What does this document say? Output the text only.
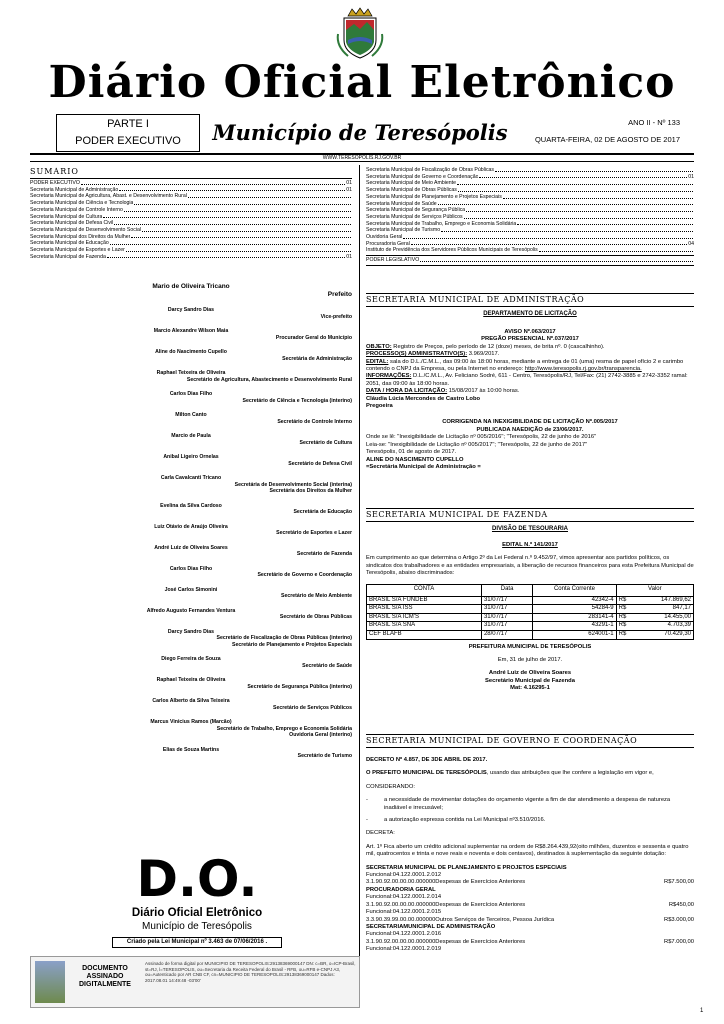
Diário Oficial Eletrônico
PARTE I
PODER EXECUTIVO	Município de Teresópolis	ANO II - Nº 133
QUARTA-FEIRA, 02 DE AGOSTO DE 2017
WWW.TERESOPOLIS.RJ.GOV.BR
SUMÁRIO
PODER EXECUTIVO	01
Secretaria Municipal de Administração	01
Secretaria Municipal de Agricultura, Abast. e Desenvolvimento Rural
Secretaria Municipal de Ciência e Tecnologia
Secretaria Municipal de Controle Interno
Secretaria Municipal de Cultura
Secretaria Municipal de Defesa Civil
Secretaria Municipal de Desenvolvimento Social
Secretaria Municipal dos Direitos da Mulher
Secretaria Municipal de Educação
Secretaria Municipal de Esportes e Lazer
Secretaria Municipal de Fazenda	01
Secretaria Municipal de Fiscalização de Obras Públicas
Secretaria Municipal de Governo e Coordenação	01
Secretaria Municipal de Meio Ambiente
Secretaria Municipal de Obras Públicas
Secretaria Municipal de Planejamento e Projetos Especiais
Secretaria Municipal de Saúde
Secretaria Municipal de Segurança Pública
Secretaria Municipal de Serviços Públicos
Secretaria Municipal de Trabalho, Emprego e Economia Solidária
Secretaria Municipal de Turismo
Ouvidoria Geral
Procuradoria Geral	04
Instituto de Previdência dos Servidores Públicos Municipais de Teresópolis
PODER LEGISLATIVO
Mario de Oliveira Tricano
Prefeito
Darcy Sandro Dias
Vice-prefeito
Marcio Alexandre Wilson Maia
Procurador Geral do Município
Aline do Nascimento Cupello
Secretária de Administração
Raphael Teixeira de Oliveira
Secretário de Agricultura, Abastecimento e Desenvolvimento Rural
Carlos Dias Filho
Secretário de Ciência e Tecnologia (interino)
Milton Canto
Secretário de Controle Interno
Marcio de Paula
Secretário de Cultura
Anibal Ligeiro Ornelas
Secretário de Defesa Civil
Carla Cavalcanti Tricano
Secretária de Desenvolvimento Social (interina)
Secretária dos Direitos da Mulher
Evelina da Silva Cardoso
Secretária de Educação
Luiz Otávio de Araújo Oliveira
Secretário de Esportes e Lazer
André Luiz de Oliveira Soares
Secretário de Fazenda
Carlos Dias Filho
Secretário de Governo e Coordenação
José Carlos Simonini
Secretário de Meio Ambiente
Alfredo Augusto Fernandes Ventura
Secretário de Obras Públicas
Darcy Sandro Dias
Secretário de Fiscalização de Obras Públicas (interino)
Secretário de Planejamento e Projetos Especiais
Diego Ferreira de Souza
Secretário de Saúde
Raphael Teixeira de Oliveira
Secretário de Segurança Pública (interino)
Carlos Alberto da Silva Teixeira
Secretário de Serviços Públicos
Marcus Vinicius Ramos (Marcão)
Secretário de Trabalho, Emprego e Economia Solidária
Ouvidoria Geral (interino)
Elias de Souza Martins
Secretário de Turismo
D.O.
Diário Oficial Eletrônico
Município de Teresópolis
Criado pela Lei Municipal nº 3.463 de 07/06/2016 .
DOCUMENTO ASSINADO DIGITALMENTE
Assinado de forma digital por MUNICIPIO DE TERESOPOLIS:29138369000147 DN: c=BR, o=ICP-Brasil, st=RJ, l=TERESOPOLIS, ou=Secretaria da Receita Federal do Brasil - RFB, ou=RFB e-CNPJ A3, ou=Autenticado por AR CNB CF, cn=MUNICIPIO DE TERESOPOLIS:29138369000147 Dados: 2017.08.01 14:49:48 -03'00'
SECRETARIA MUNICIPAL DE ADMINISTRAÇÃO
DEPARTAMENTO DE LICITAÇÃO
AVISO Nº.063/2017
PREGÃO PRESENCIAL Nº.037/2017
OBJETO: Registro de Preços, pelo período de 12 (doze) meses, de brita nº. 0 (cascalhinho).
PROCESSO(S) ADMINISTRATIVO(S): 3.969/2017.
EDITAL: sala do D.L./C.M.L., das 09:00 às 18:00 horas, mediante a entrega de 01 (uma) resma de papel ofício 2 e carimbo contendo o CNPJ da Empresa, ou pela Internet no endereço: http://www.teresopolis.rj.gov.br/transparencia.
INFORMAÇÕES: D.L./C.M.L., Av. Feliciano Sodré, 611 - Centro, Teresópolis/RJ, Tel/Fax: (21) 2742-3885 e 2742-3352 ramal: 2051, das 09:00 às 18:00 horas.
DATA / HORA DA LICITAÇÃO: 15/08/2017 às 10:00 horas.
Cláudia Lúcia Mercondes de Castro Lobo
Pregoeira
CORRIGENDA NA INEXIGIBILIDADE DE LICITAÇÃO Nº.005/2017
PUBLICADA NAEDIÇÃO de 23/06/2017.
Onde se lê: "Inexigibilidade de Licitação nº 005/2016"; "Teresópolis, 22 de junho de 2016"
Leia-se: "Inexigibilidade de Licitação nº 005/2017"; "Teresópolis, 22 de junho de 2017"
Teresópolis, 01 de agosto de 2017.
ALINE DO NASCIMENTO CUPELLO
=Secretária Municipal de Administração =
SECRETARIA MUNICIPAL DE FAZENDA
DIVISÃO DE TESOURARIA
EDITAL N.º 141/2017
Em cumprimento ao que determina o Artigo 2º da Lei Federal n.º 9.452/97, vimos apresentar aos partidos políticos, os sindicatos dos trabalhadores e as entidades empresariais, a liberação de recursos financeiros para esta Prefeitura Municipal de Teresópolis, abaixo discriminados:
CONTA	Data	Conta Corrente	Valor
BRASIL S/A FUNDEB	31/07/17	42342-4	R$ 147.869,62

BRASIL S/A ISS	31/07/17	54284-9	R$ 847,17

BRASIL S/A ICM'S	31/07/17	283141-4	R$ 14.455,00

BRASIL S/A SNA	31/07/17	43291-1	R$ 4.703,39

CEF BLAFB	28/07/17	624001-1	R$ 70.429,30
PREFEITURA MUNICIPAL DE TERESÓPOLIS
Em, 31 de julho de 2017.
André Luiz de Oliveira Soares
Secretário Municipal de Fazenda
Mat: 4.16295-1
SECRETARIA MUNICIPAL DE GOVERNO E COORDENAÇÃO
DECRETO Nº 4.857, DE 3DE ABRIL DE 2017.
O PREFEITO MUNICIPAL DE TERESÓPOLIS, usando das atribuições que lhe confere a legislação em vigor e,
CONSIDERANDO:
-	a necessidade de movimentar dotações do orçamento vigente a fim de dar atendimento a despesa de natureza inadiável e irrecusável;
-	a autorização expressa contida na Lei Municipal nº3.510/2016.
DECRETA:
Art. 1º Fica aberto um crédito adicional suplementar na ordem de R$8.264.439,92(oito milhões, duzentos e sessenta e quatro mil, quatrocentos e trinta e nove reais e noventa e dois centavos), destinados à suplementação da seguinte dotação:
SECRETARIA MUNICIPAL DE PLANEJAMENTO E PROJETOS ESPECIAIS
Funcional:04.122.0001.2.012
3.1.90.92.00.00.00.000000Despesas de Exercícios Anteriores	R$7.500,00
PROCURADORIA GERAL
Funcional:04.122.0001.2.014
3.1.90.92.00.00.00.000000Despesas de Exercícios Anteriores	R$450,00
Funcional:04.122.0001.2.015
3.3.90.39.99.00.00.000000Outros Serviços de Terceiros, Pessoa Jurídica	R$3.000,00
SECRETARIAMUNICIPAL DE ADMINISTRAÇÃO
Funcional:04.122.0001.2.016
3.1.90.92.00.00.00.000000Despesas de Exercícios Anteriores	R$7.000,00
Funcional:04.122.0001.2.019
1
